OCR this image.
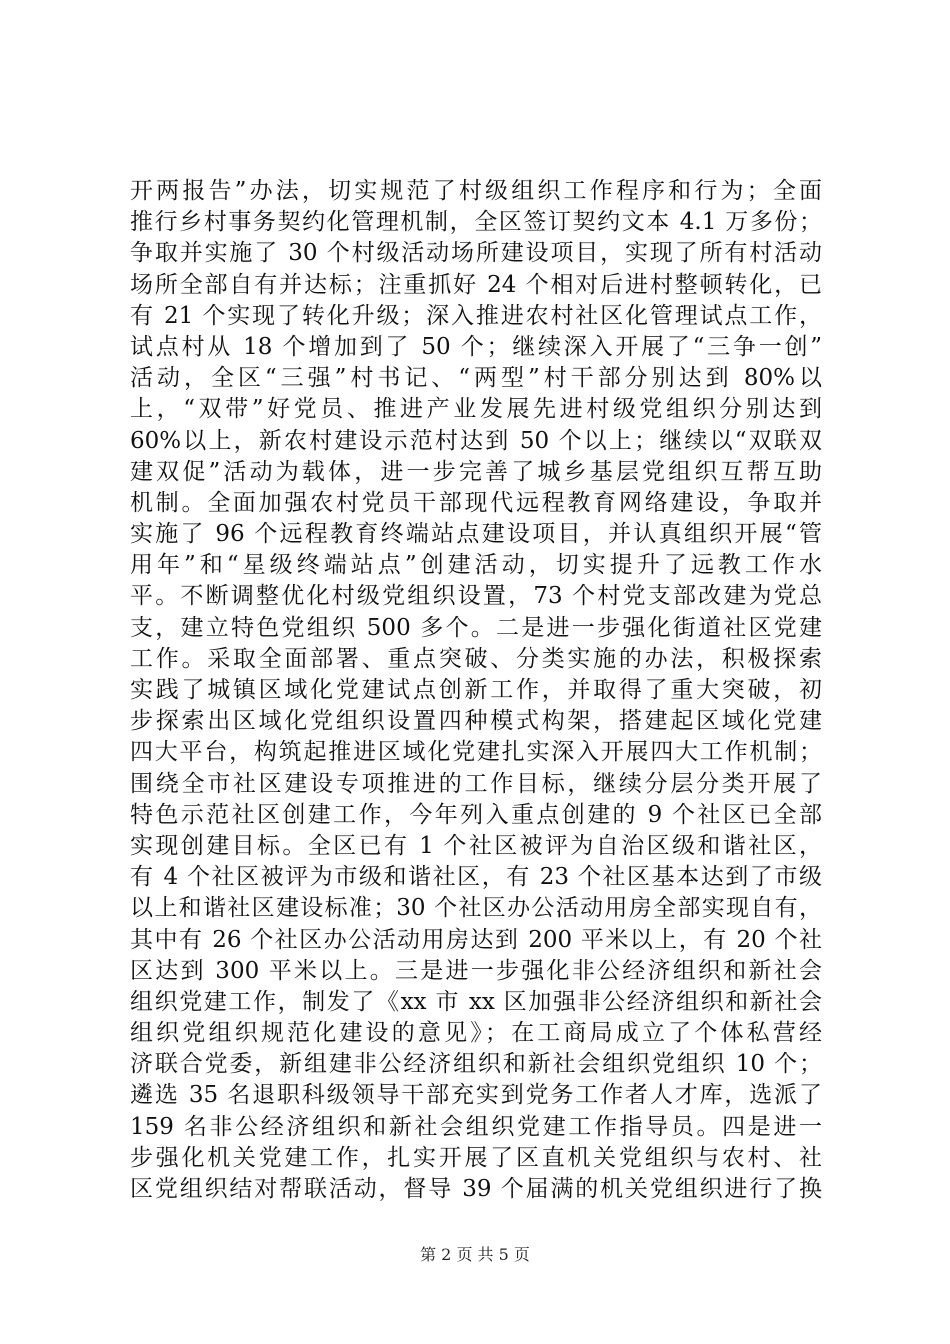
开两报告”办法，切实规范了村级组织工作程序和行为；全面
推行乡村事务契约化管理机制，全区签订契约文本 4.1 万多份；
争取并实施了 30 个村级活动场所建设项目，实现了所有村活动
场所全部自有并达标；注重抓好 24 个相对后进村整顿转化，已
有 21 个实现了转化升级；深入推进农村社区化管理试点工作，
试点村从 18 个增加到了 50 个；继续深入开展了“三争一创”
活动，全区“三强”村书记、“两型”村干部分别达到 80%以
上，“双带”好党员、推进产业发展先进村级党组织分别达到
60%以上，新农村建设示范村达到 50 个以上；继续以“双联双
建双促”活动为载体，进一步完善了城乡基层党组织互帮互助
机制。全面加强农村党员干部现代远程教育网络建设，争取并
实施了 96 个远程教育终端站点建设项目，并认真组织开展“管
用年”和“星级终端站点”创建活动，切实提升了远教工作水
平。不断调整优化村级党组织设置，73 个村党支部改建为党总
支，建立特色党组织 500 多个。二是进一步强化街道社区党建
工作。采取全面部署、重点突破、分类实施的办法，积极探索
实践了城镇区域化党建试点创新工作，并取得了重大突破，初
步探索出区域化党组织设置四种模式构架，搭建起区域化党建
四大平台，构筑起推进区域化党建扎实深入开展四大工作机制；
围绕全市社区建设专项推进的工作目标，继续分层分类开展了
特色示范社区创建工作，今年列入重点创建的 9 个社区已全部
实现创建目标。全区已有 1 个社区被评为自治区级和谐社区，
有 4 个社区被评为市级和谐社区，有 23 个社区基本达到了市级
以上和谐社区建设标准；30 个社区办公活动用房全部实现自有，
其中有 26 个社区办公活动用房达到 200 平米以上，有 20 个社
区达到 300 平米以上。三是进一步强化非公经济组织和新社会
组织党建工作，制发了《xx 市 xx 区加强非公经济组织和新社会
组织党组织规范化建设的意见》；在工商局成立了个体私营经
济联合党委，新组建非公经济组织和新社会组织党组织 10 个；
遴选 35 名退职科级领导干部充实到党务工作者人才库，选派了
159 名非公经济组织和新社会组织党建工作指导员。四是进一
步强化机关党建工作，扎实开展了区直机关党组织与农村、社
区党组织结对帮联活动，督导 39 个届满的机关党组织进行了换
第 2 页 共 5 页
